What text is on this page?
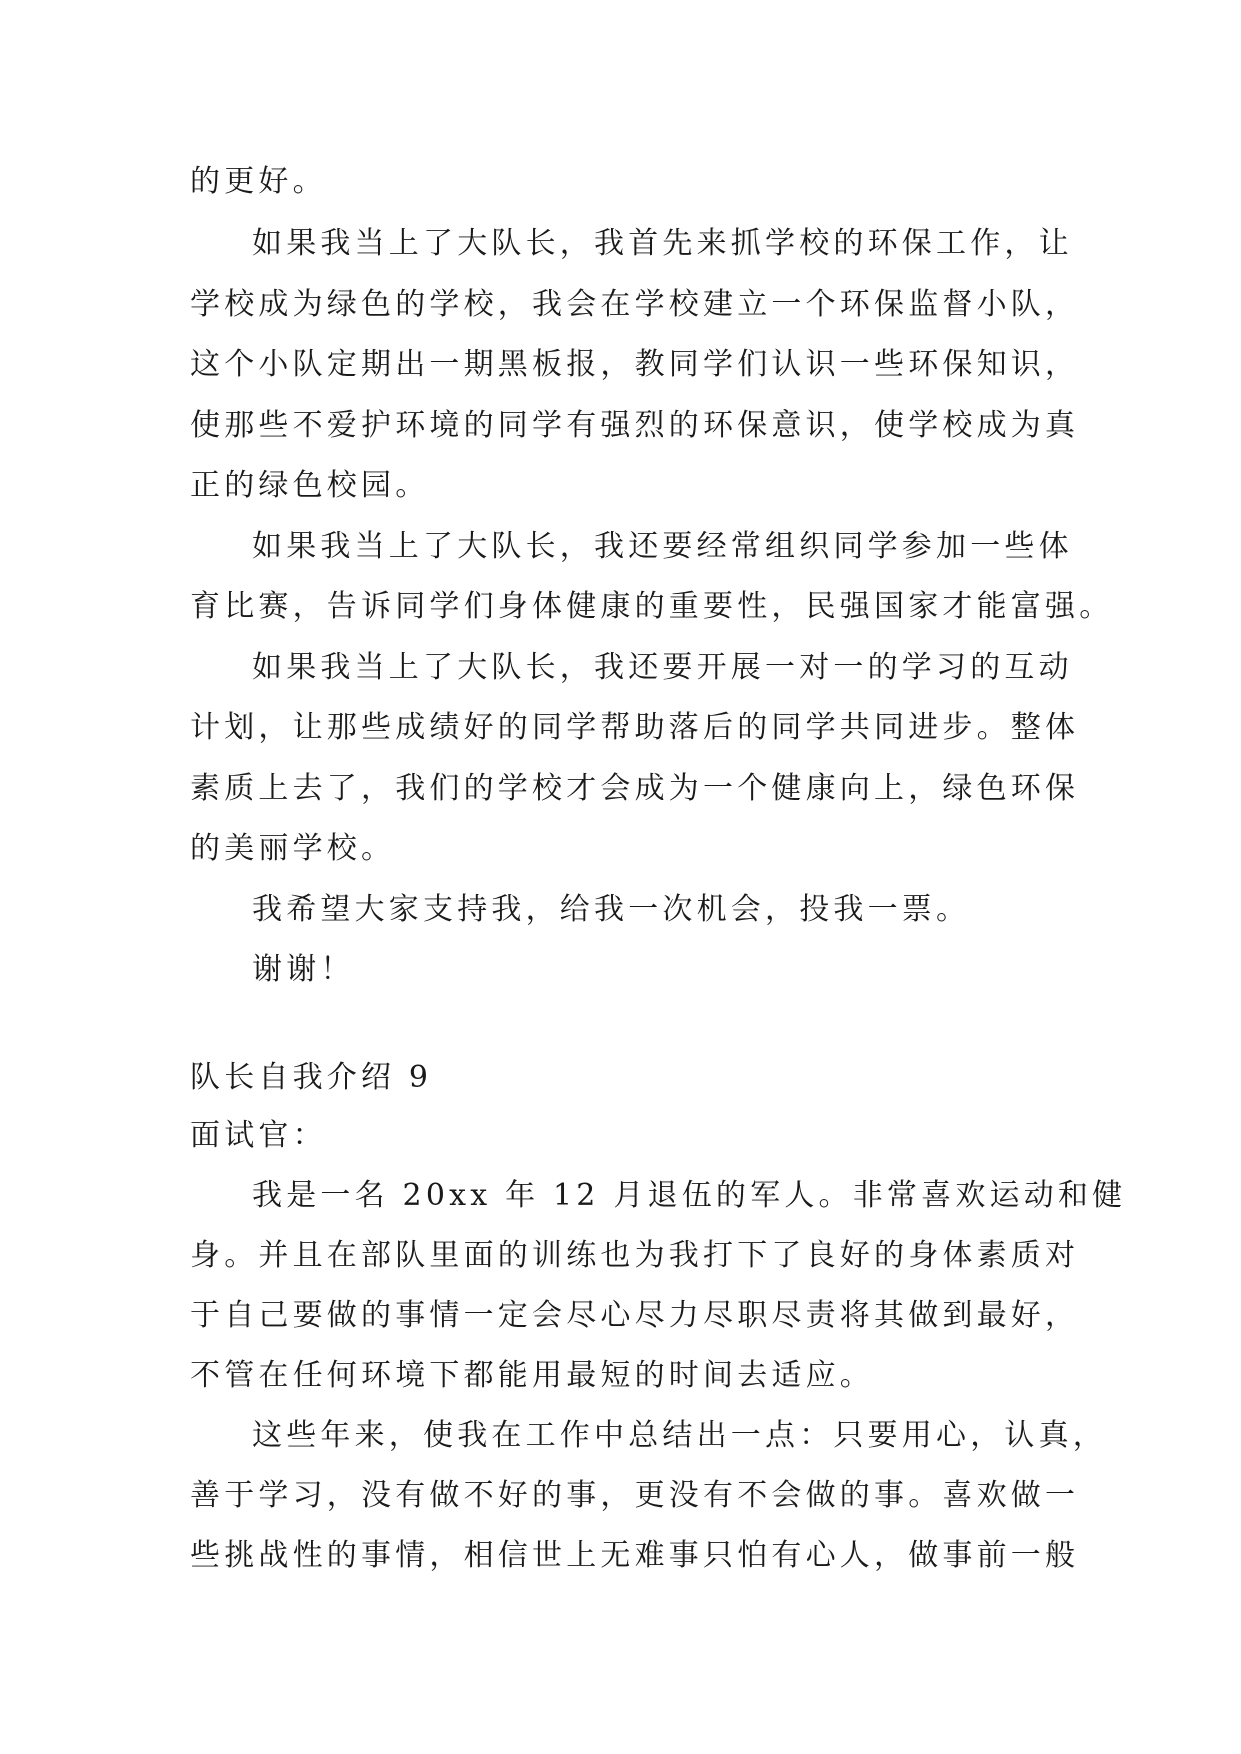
的更好。

如果我当上了大队长，我首先来抓学校的环保工作，让

学校成为绿色的学校，我会在学校建立一个环保监督小队，

这个小队定期出一期黑板报，教同学们认识一些环保知识，

使那些不爱护环境的同学有强烈的环保意识，使学校成为真

正的绿色校园。

如果我当上了大队长，我还要经常组织同学参加一些体

育比赛，告诉同学们身体健康的重要性，民强国家才能富强。

如果我当上了大队长，我还要开展一对一的学习的互动

计划，让那些成绩好的同学帮助落后的同学共同进步。整体

素质上去了，我们的学校才会成为一个健康向上，绿色环保

的美丽学校。

我希望大家支持我，给我一次机会，投我一票。

谢谢！

队长自我介绍 9

面试官：

我是一名 20xx 年 12 月退伍的军人。非常喜欢运动和健

身。并且在部队里面的训练也为我打下了良好的身体素质对

于自己要做的事情一定会尽心尽力尽职尽责将其做到最好，

不管在任何环境下都能用最短的时间去适应。

这些年来，使我在工作中总结出一点：只要用心，认真，

善于学习，没有做不好的事，更没有不会做的事。喜欢做一

些挑战性的事情，相信世上无难事只怕有心人，做事前一般
